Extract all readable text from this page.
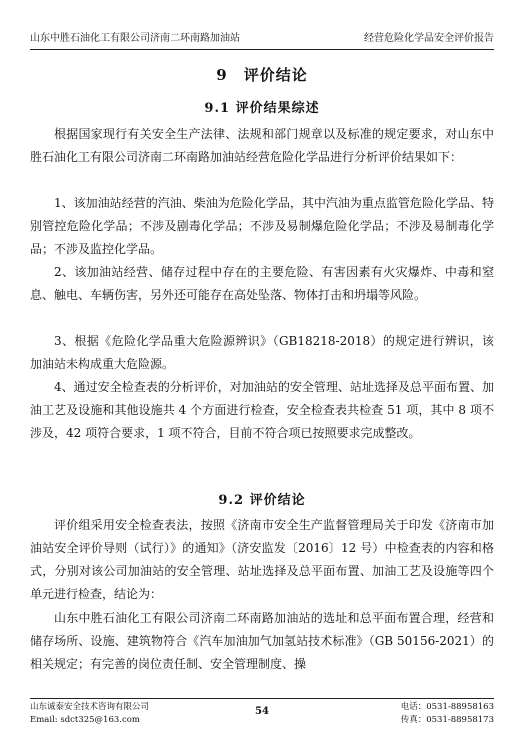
山东中胜石油化工有限公司济南二环南路加油站	经营危险化学品安全评价报告
9　评价结论
9.1 评价结果综述

根据国家现行有关安全生产法律、法规和部门规章以及标准的规定要求，对山东中胜石油化工有限公司济南二环南路加油站经营危险化学品进行分析评价结果如下：

1、该加油站经营的汽油、柴油为危险化学品，其中汽油为重点监管危险化学品、特别管控危险化学品；不涉及剧毒化学品；不涉及易制爆危险化学品；不涉及易制毒化学品；不涉及监控化学品。

2、该加油站经营、储存过程中存在的主要危险、有害因素有火灾爆炸、中毒和窒息、触电、车辆伤害，另外还可能存在高处坠落、物体打击和坍塌等风险。

3、根据《危险化学品重大危险源辨识》（GB18218-2018）的规定进行辨识，该加油站未构成重大危险源。

4、通过安全检查表的分析评价，对加油站的安全管理、站址选择及总平面布置、加油工艺及设施和其他设施共 4 个方面进行检查，安全检查表共检查 51 项，其中 8 项不涉及，42 项符合要求，1 项不符合，目前不符合项已按照要求完成整改。

9.2 评价结论

评价组采用安全检查表法，按照《济南市安全生产监督管理局关于印发《济南市加油站安全评价导则（试行）》的通知》（济安监发〔2016〕12 号）中检查表的内容和格式，分别对该公司加油站的安全管理、站址选择及总平面布置、加油工艺及设施等四个单元进行检查，结论为：

山东中胜石油化工有限公司济南二环南路加油站的选址和总平面布置合理，经营和储存场所、设施、建筑物符合《汽车加油加气加氢站技术标准》（GB 50156-2021）的相关规定；有完善的岗位责任制、安全管理制度、操

山东诚泰安全技术咨询有限公司
Email: sdct325@163.com
54	电话：0531-88958163
传真：0531-88958173
